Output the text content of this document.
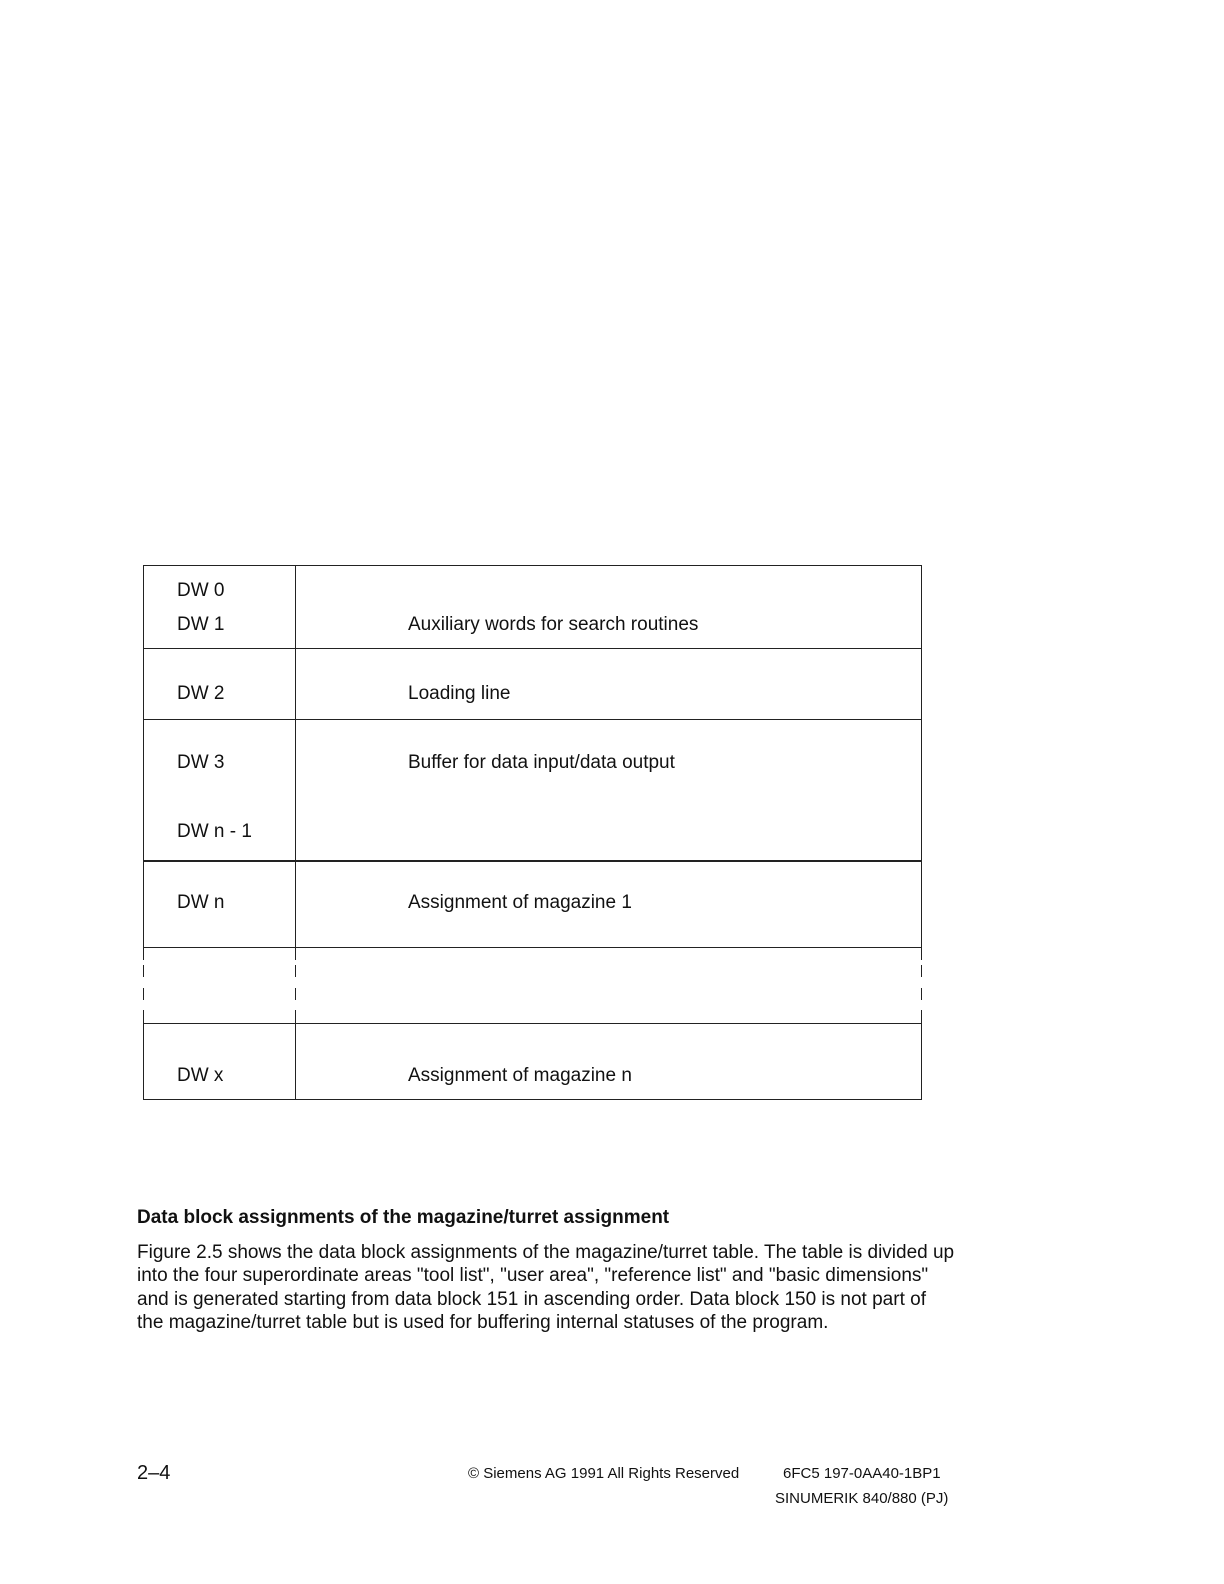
DW 0
DW 1	Auxiliary words for search routines
DW 2	Loading line
DW 3	Buffer for data input/data output
DW n - 1
DW n	Assignment of magazine 1
DW x	Assignment of magazine n
Data block assignments of the magazine/turret assignment
Figure 2.5 shows the data block assignments of the magazine/turret table. The table is divided up into the four superordinate areas "tool list", "user area", "reference list" and "basic dimensions" and is generated starting from data block 151 in ascending order. Data block 150 is not part of the magazine/turret table but is used for buffering internal statuses of the program.
2–4	© Siemens AG 1991 All Rights Reserved	6FC5 197-0AA40-1BP1
SINUMERIK 840/880 (PJ)
